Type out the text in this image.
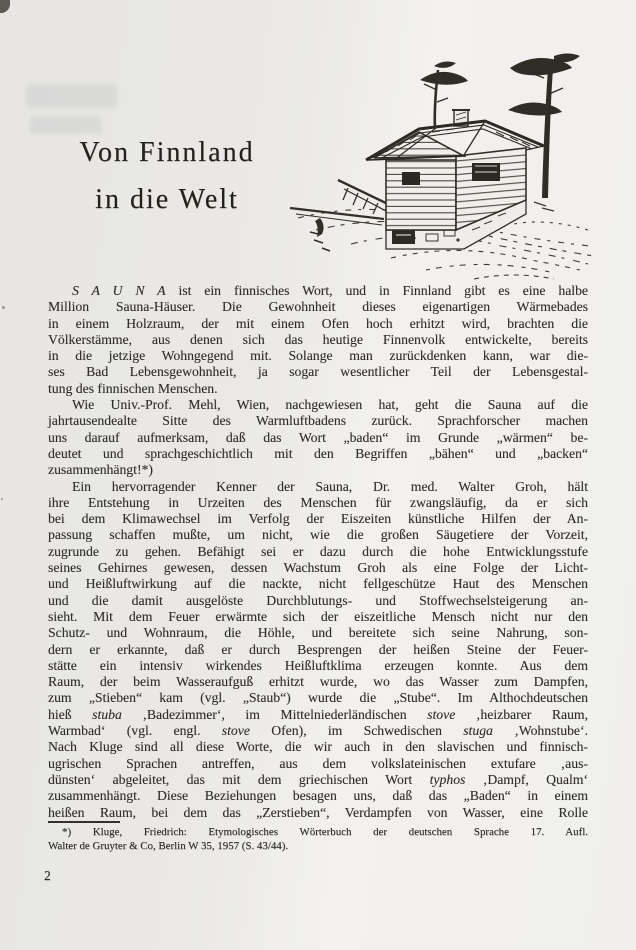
Von Finnland
in die Welt
S A U N A ist ein finnisches Wort, und in Finnland gibt es eine halbe
Million Sauna-Häuser. Die Gewohnheit dieses eigenartigen Wärmebades
in einem Holzraum, der mit einem Ofen hoch erhitzt wird, brachten die
Völkerstämme, aus denen sich das heutige Finnenvolk entwickelte, bereits
in die jetzige Wohngegend mit. Solange man zurückdenken kann, war die-
ses Bad Lebensgewohnheit, ja sogar wesentlicher Teil der Lebensgestal-
tung des finnischen Menschen.
Wie Univ.-Prof. Mehl, Wien, nachgewiesen hat, geht die Sauna auf die
jahrtausendealte Sitte des Warmluftbadens zurück. Sprachforscher machen
uns darauf aufmerksam, daß das Wort „baden“ im Grunde „wärmen“ be-
deutet und sprachgeschichtlich mit den Begriffen „bähen“ und „backen“
zusammenhängt!*)
Ein hervorragender Kenner der Sauna, Dr. med. Walter Groh, hält
ihre Entstehung in Urzeiten des Menschen für zwangsläufig, da er sich
bei dem Klimawechsel im Verfolg der Eiszeiten künstliche Hilfen der An-
passung schaffen mußte, um nicht, wie die großen Säugetiere der Vorzeit,
zugrunde zu gehen. Befähigt sei er dazu durch die hohe Entwicklungsstufe
seines Gehirnes gewesen, dessen Wachstum Groh als eine Folge der Licht-
und Heißluftwirkung auf die nackte, nicht fellgeschütze Haut des Menschen
und die damit ausgelöste Durchblutungs- und Stoffwechselsteigerung an-
sieht. Mit dem Feuer erwärmte sich der eiszeitliche Mensch nicht nur den
Schutz- und Wohnraum, die Höhle, und bereitete sich seine Nahrung, son-
dern er erkannte, daß er durch Besprengen der heißen Steine der Feuer-
stätte ein intensiv wirkendes Heißluftklima erzeugen konnte. Aus dem
Raum, der beim Wasseraufguß erhitzt wurde, wo das Wasser zum Dampfen,
zum „Stieben“ kam (vgl. „Staub“) wurde die „Stube“. Im Althochdeutschen
hieß stuba ‚Badezimmer‘, im Mittelniederländischen stove ‚heizbarer Raum,
Warmbad‘ (vgl. engl. stove Ofen), im Schwedischen stuga ‚Wohnstube‘.
Nach Kluge sind all diese Worte, die wir auch in den slavischen und finnisch-
ugrischen Sprachen antreffen, aus dem volkslateinischen extufare ‚aus-
dünsten‘ abgeleitet, das mit dem griechischen Wort typhos ‚Dampf, Qualm‘
zusammenhängt. Diese Beziehungen besagen uns, daß das „Baden“ in einem
heißen Raum, bei dem das „Zerstieben“, Verdampfen von Wasser, eine Rolle
*) Kluge, Friedrich: Etymologisches Wörterbuch der deutschen Sprache 17. Aufl.
Walter de Gruyter & Co, Berlin W 35, 1957 (S. 43/44).
2
